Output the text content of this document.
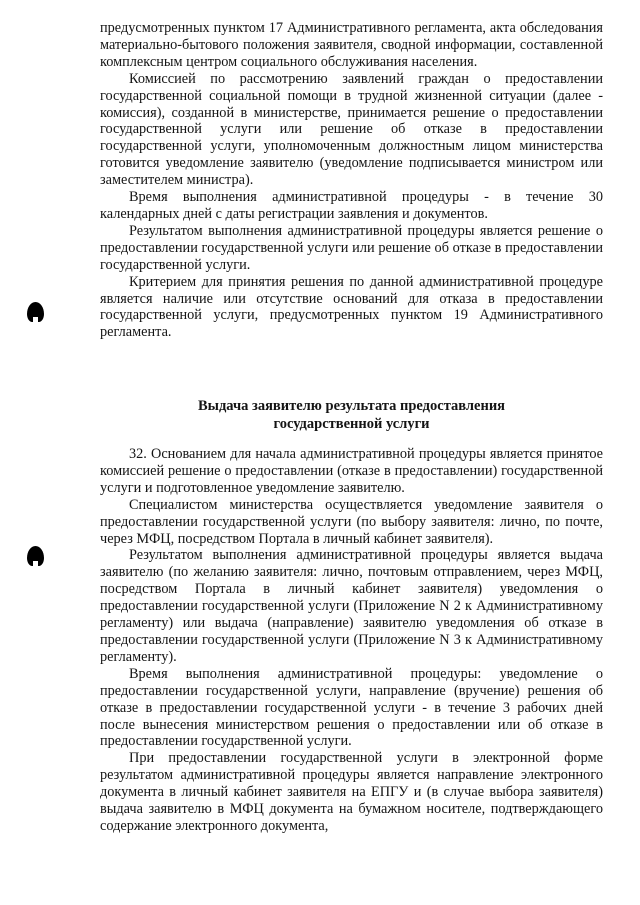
предусмотренных пунктом 17 Административного регламента, акта обследования материально-бытового положения заявителя, сводной информации, составленной комплексным центром социального обслуживания населения.

Комиссией по рассмотрению заявлений граждан о предоставлении государственной социальной помощи в трудной жизненной ситуации (далее - комиссия), созданной в министерстве, принимается решение о предоставлении государственной услуги или решение об отказе в предоставлении государственной услуги, уполномоченным должностным лицом министерства готовится уведомление заявителю (уведомление подписывается министром или заместителем министра).

Время выполнения административной процедуры - в течение 30 календарных дней с даты регистрации заявления и документов.

Результатом выполнения административной процедуры является решение о предоставлении государственной услуги или решение об отказе в предоставлении государственной услуги.

Критерием для принятия решения по данной административной процедуре является наличие или отсутствие оснований для отказа в предоставлении государственной услуги, предусмотренных пунктом 19 Административного регламента.

Выдача заявителю результата предоставления
государственной услуги

32. Основанием для начала административной процедуры является принятое комиссией решение о предоставлении (отказе в предоставлении) государственной услуги и подготовленное уведомление заявителю.

Специалистом министерства осуществляется уведомление заявителя о предоставлении государственной услуги (по выбору заявителя: лично, по почте, через МФЦ, посредством Портала в личный кабинет заявителя).

Результатом выполнения административной процедуры является выдача заявителю (по желанию заявителя: лично, почтовым отправлением, через МФЦ, посредством Портала в личный кабинет заявителя) уведомления о предоставлении государственной услуги (Приложение N 2 к Административному регламенту) или выдача (направление) заявителю уведомления об отказе в предоставлении государственной услуги (Приложение N 3 к Административному регламенту).

Время выполнения административной процедуры: уведомление о предоставлении государственной услуги, направление (вручение) решения об отказе в предоставлении государственной услуги - в течение 3 рабочих дней после вынесения министерством решения о предоставлении или об отказе в предоставлении государственной услуги.

При предоставлении государственной услуги в электронной форме результатом административной процедуры является направление электронного документа в личный кабинет заявителя на ЕПГУ и (в случае выбора заявителя) выдача заявителю в МФЦ документа на бумажном носителе, подтверждающего содержание электронного документа,
